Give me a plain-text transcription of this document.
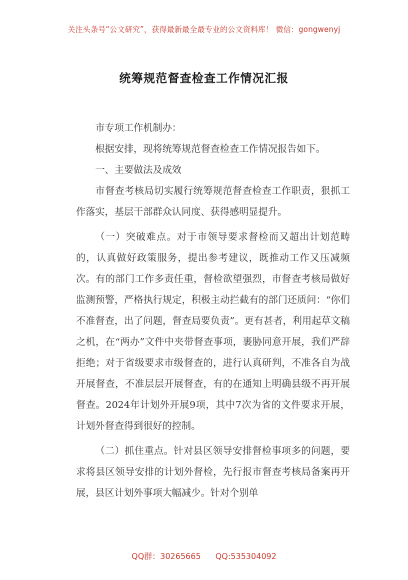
关注头条号“公文研究”，获得最新最全最专业的公文资料库！ 微信：gongwenyj
统筹规范督查检查工作情况汇报

市专项工作机制办：

根据安排，现将统筹规范督查检查工作情况报告如下。

一、主要做法及成效

市督查考核局切实履行统筹规范督查检查工作职责，狠抓工作落实，基层干部群众认同度、获得感明显提升。

（一）突破难点。对于市领导要求督检而又超出计划范畴的，认真做好政策服务，提出参考建议，既推动工作又压减频次。有的部门工作多责任重，督检欲望强烈，市督查考核局做好监测预警，严格执行规定，积极主动拦截有的部门还质问：“你们不准督查，出了问题，督查局要负责”。更有甚者，利用起草文稿之机，在“两办”文件中夹带督查事项，裹胁同意开展，我们严辞拒绝；对于省级要求市级督查的，进行认真研判，不准各自为战开展督查，不准层层开展督查，有的在通知上明确县级不再开展督查。2024年计划外开展9项，其中7次为省的文件要求开展，计划外督查得到很好的控制。

（二）抓住重点。针对县区领导安排督检事项多的问题，要求将县区领导安排的计划外督检，先行报市督查考核局备案再开展，县区计划外事项大幅减少。针对个别单

QQ群：30265665 QQ:535304092
